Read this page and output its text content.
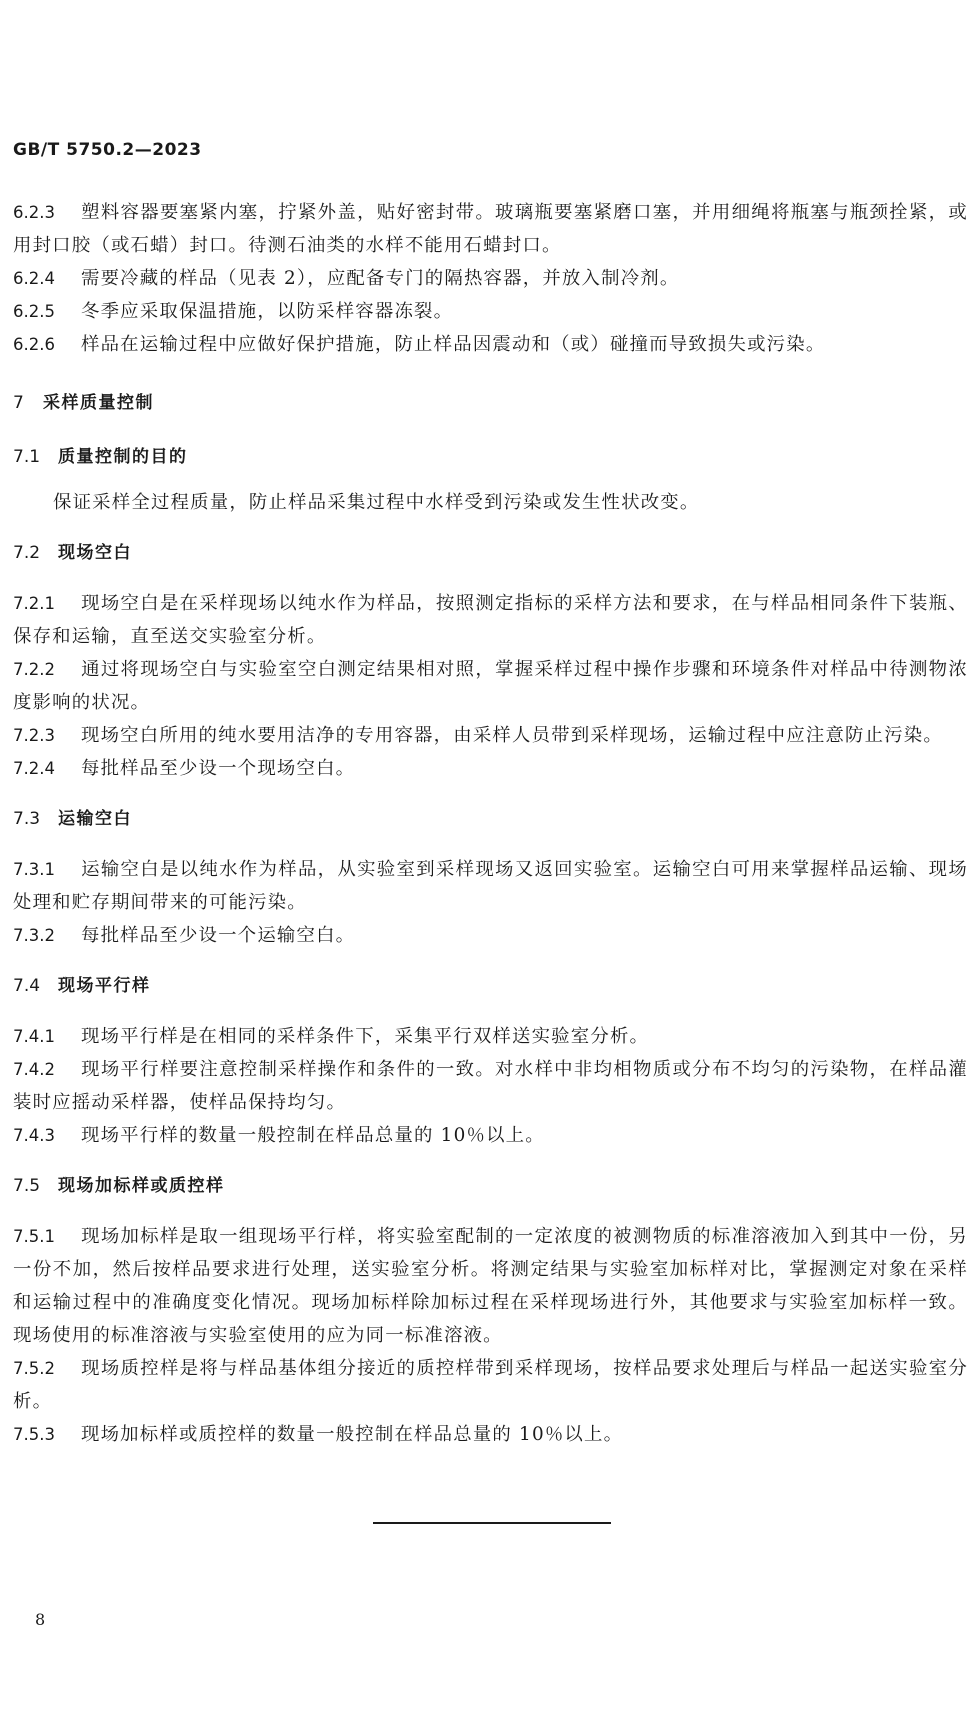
GB/T 5750.2—2023

6.2.3 塑料容器要塞紧内塞，拧紧外盖，贴好密封带。玻璃瓶要塞紧磨口塞，并用细绳将瓶塞与瓶颈拴紧，或用封口胶（或石蜡）封口。待测石油类的水样不能用石蜡封口。

6.2.4 需要冷藏的样品（见表 2），应配备专门的隔热容器，并放入制冷剂。

6.2.5 冬季应采取保温措施，以防采样容器冻裂。

6.2.6 样品在运输过程中应做好保护措施，防止样品因震动和（或）碰撞而导致损失或污染。

7 采样质量控制

7.1 质量控制的目的

保证采样全过程质量，防止样品采集过程中水样受到污染或发生性状改变。

7.2 现场空白

7.2.1 现场空白是在采样现场以纯水作为样品，按照测定指标的采样方法和要求，在与样品相同条件下装瓶、保存和运输，直至送交实验室分析。

7.2.2 通过将现场空白与实验室空白测定结果相对照，掌握采样过程中操作步骤和环境条件对样品中待测物浓度影响的状况。

7.2.3 现场空白所用的纯水要用洁净的专用容器，由采样人员带到采样现场，运输过程中应注意防止污染。

7.2.4 每批样品至少设一个现场空白。

7.3 运输空白

7.3.1 运输空白是以纯水作为样品，从实验室到采样现场又返回实验室。运输空白可用来掌握样品运输、现场处理和贮存期间带来的可能污染。

7.3.2 每批样品至少设一个运输空白。

7.4 现场平行样

7.4.1 现场平行样是在相同的采样条件下，采集平行双样送实验室分析。

7.4.2 现场平行样要注意控制采样操作和条件的一致。对水样中非均相物质或分布不均匀的污染物，在样品灌装时应摇动采样器，使样品保持均匀。

7.4.3 现场平行样的数量一般控制在样品总量的 10％以上。

7.5 现场加标样或质控样

7.5.1 现场加标样是取一组现场平行样，将实验室配制的一定浓度的被测物质的标准溶液加入到其中一份，另一份不加，然后按样品要求进行处理，送实验室分析。将测定结果与实验室加标样对比，掌握测定对象在采样和运输过程中的准确度变化情况。现场加标样除加标过程在采样现场进行外，其他要求与实验室加标样一致。现场使用的标准溶液与实验室使用的应为同一标准溶液。

7.5.2 现场质控样是将与样品基体组分接近的质控样带到采样现场，按样品要求处理后与样品一起送实验室分析。

7.5.3 现场加标样或质控样的数量一般控制在样品总量的 10％以上。

8
